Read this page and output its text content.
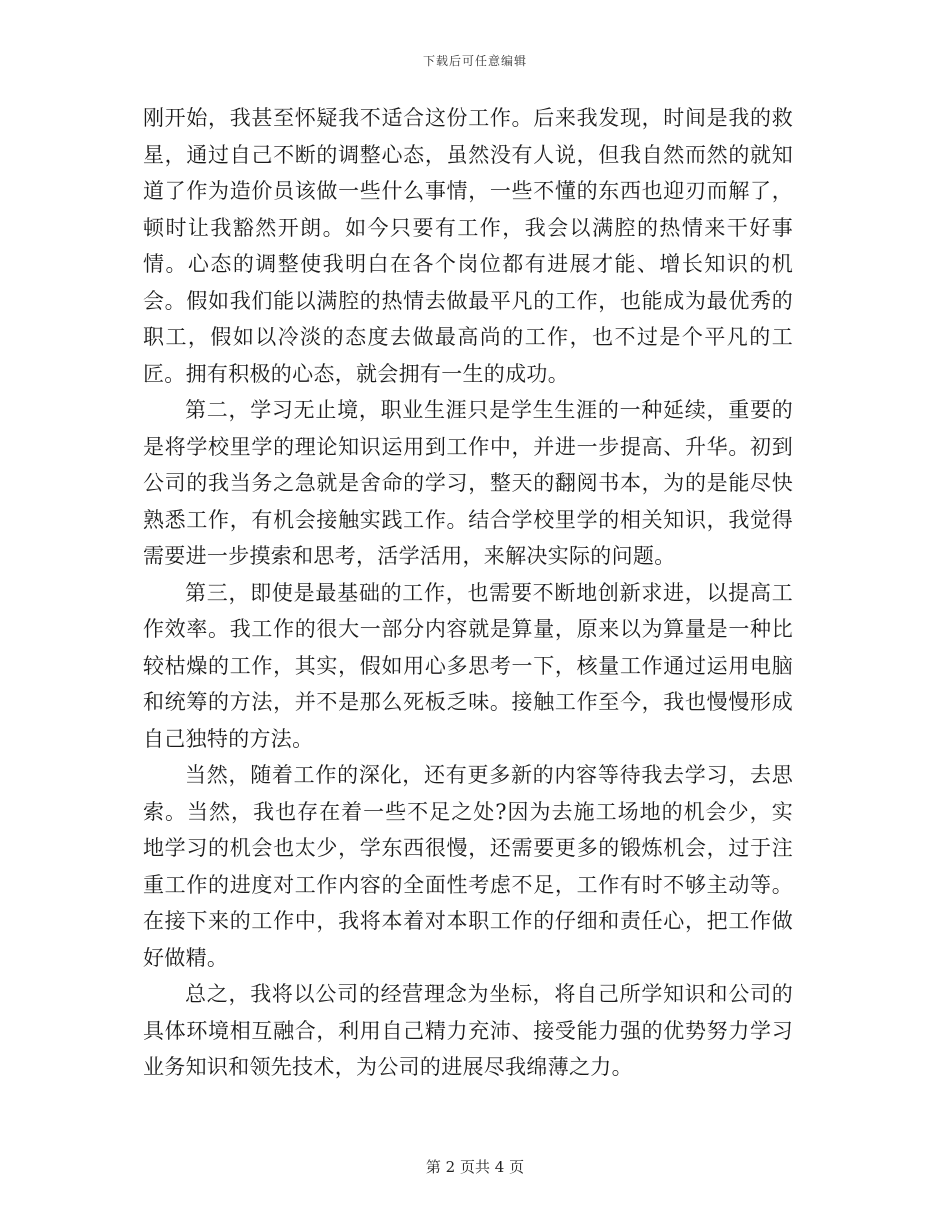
下载后可任意编辑

刚开始，我甚至怀疑我不适合这份工作。后来我发现，时间是我的救星，通过自己不断的调整心态，虽然没有人说，但我自然而然的就知道了作为造价员该做一些什么事情，一些不懂的东西也迎刃而解了，顿时让我豁然开朗。如今只要有工作，我会以满腔的热情来干好事情。心态的调整使我明白在各个岗位都有进展才能、增长知识的机会。假如我们能以满腔的热情去做最平凡的工作，也能成为最优秀的职工，假如以冷淡的态度去做最高尚的工作，也不过是个平凡的工匠。拥有积极的心态，就会拥有一生的成功。

第二，学习无止境，职业生涯只是学生生涯的一种延续，重要的是将学校里学的理论知识运用到工作中，并进一步提高、升华。初到公司的我当务之急就是舍命的学习，整天的翻阅书本，为的是能尽快熟悉工作，有机会接触实践工作。结合学校里学的相关知识，我觉得需要进一步摸索和思考，活学活用，来解决实际的问题。

第三，即使是最基础的工作，也需要不断地创新求进，以提高工作效率。我工作的很大一部分内容就是算量，原来以为算量是一种比较枯燥的工作，其实，假如用心多思考一下，核量工作通过运用电脑和统筹的方法，并不是那么死板乏味。接触工作至今，我也慢慢形成自己独特的方法。

当然，随着工作的深化，还有更多新的内容等待我去学习，去思索。当然，我也存在着一些不足之处?因为去施工场地的机会少，实地学习的机会也太少，学东西很慢，还需要更多的锻炼机会，过于注重工作的进度对工作内容的全面性考虑不足，工作有时不够主动等。在接下来的工作中，我将本着对本职工作的仔细和责任心，把工作做好做精。

总之，我将以公司的经营理念为坐标，将自己所学知识和公司的具体环境相互融合，利用自己精力充沛、接受能力强的优势努力学习业务知识和领先技术，为公司的进展尽我绵薄之力。

第 2 页共 4 页
